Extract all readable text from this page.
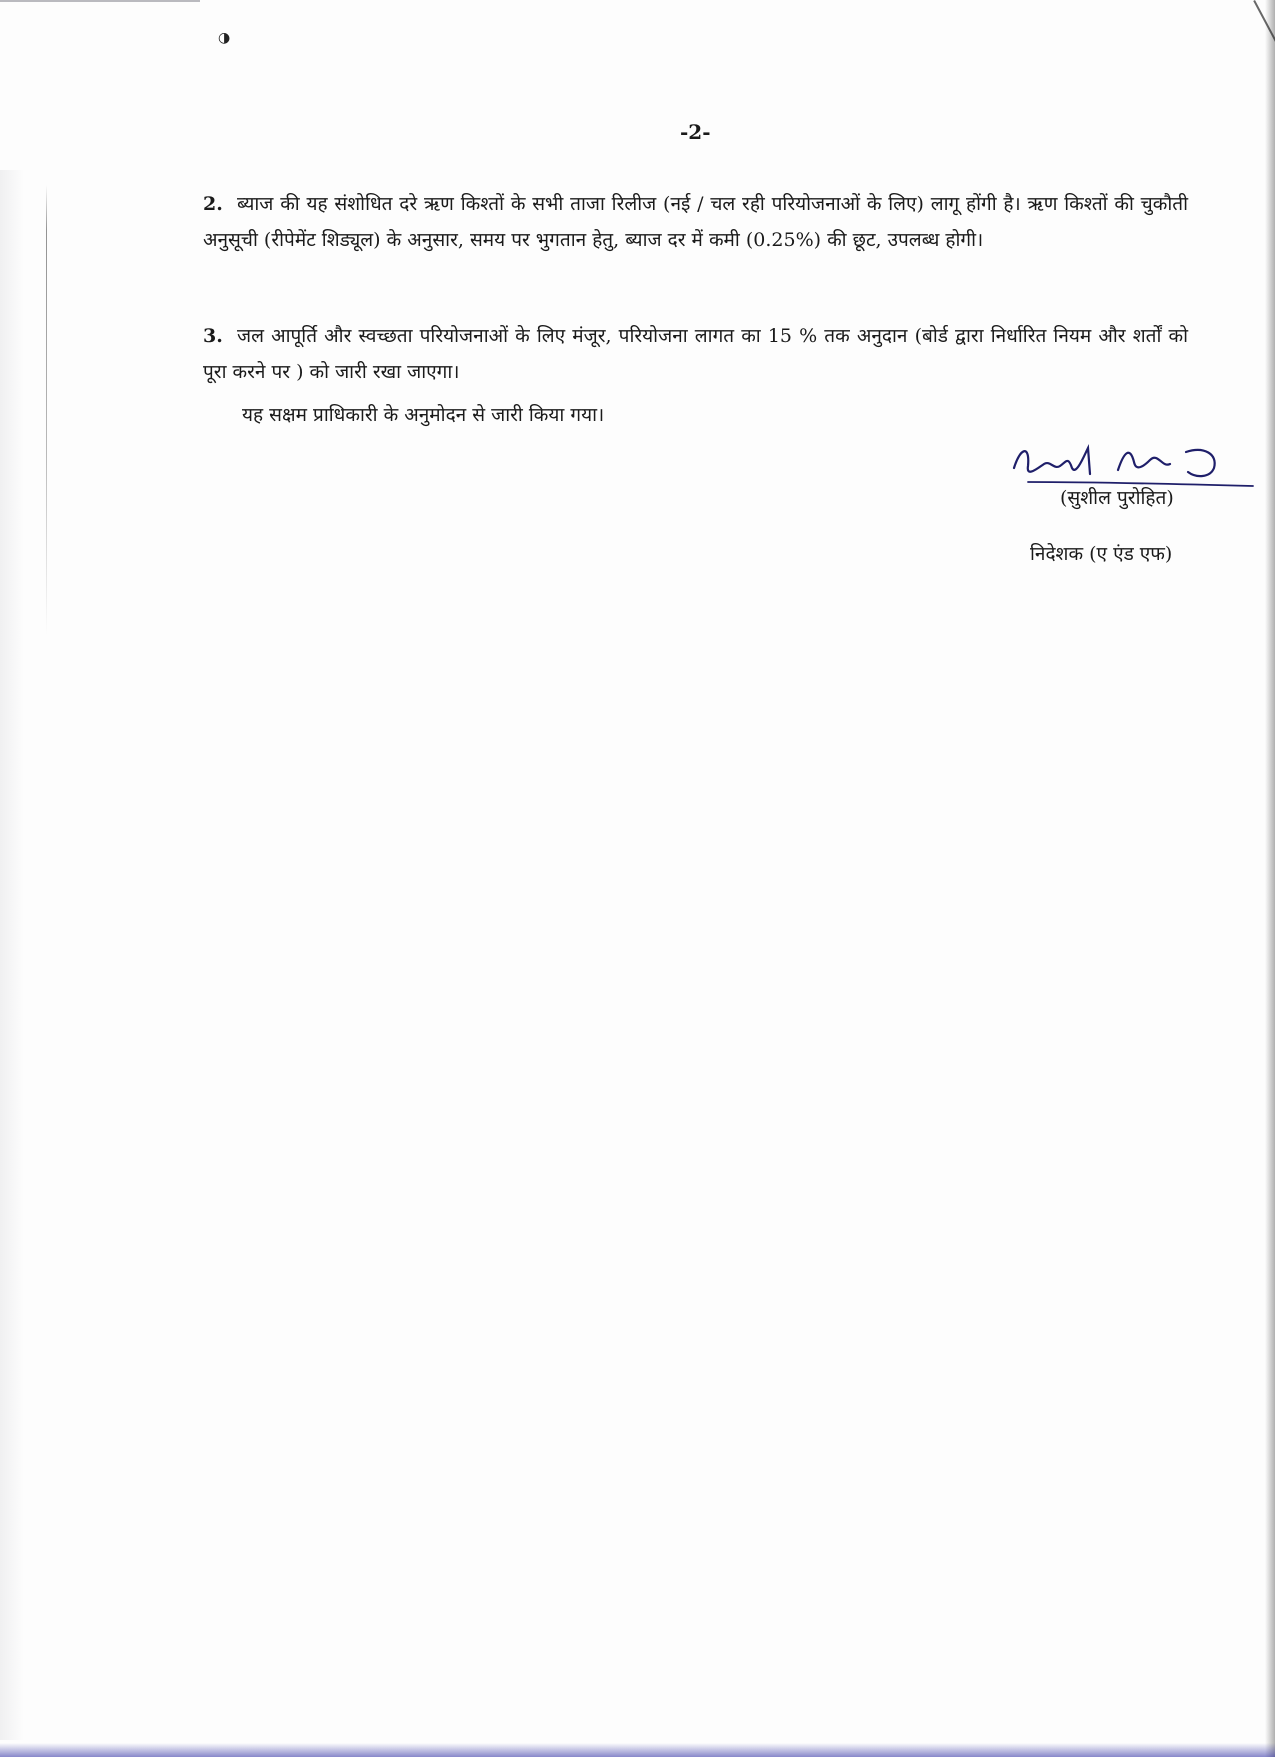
◑
-2-

2. ब्याज की यह संशोधित दरे ऋण किश्तों के सभी ताजा रिलीज (नई / चल रही परियोजनाओं के लिए) लागू होंगी है। ऋण किश्तों की चुकौती अनुसूची (रीपेमेंट शिड्यूल) के अनुसार, समय पर भुगतान हेतु, ब्याज दर में कमी (0.25%) की छूट, उपलब्ध होगी।

3. जल आपूर्ति और स्वच्छता परियोजनाओं के लिए मंजूर, परियोजना लागत का 15 % तक अनुदान (बोर्ड द्वारा निर्धारित नियम और शर्तों को पूरा करने पर ) को जारी रखा जाएगा।

यह सक्षम प्राधिकारी के अनुमोदन से जारी किया गया।

(सुशील पुरोहित)
निदेशक (ए एंड एफ)
